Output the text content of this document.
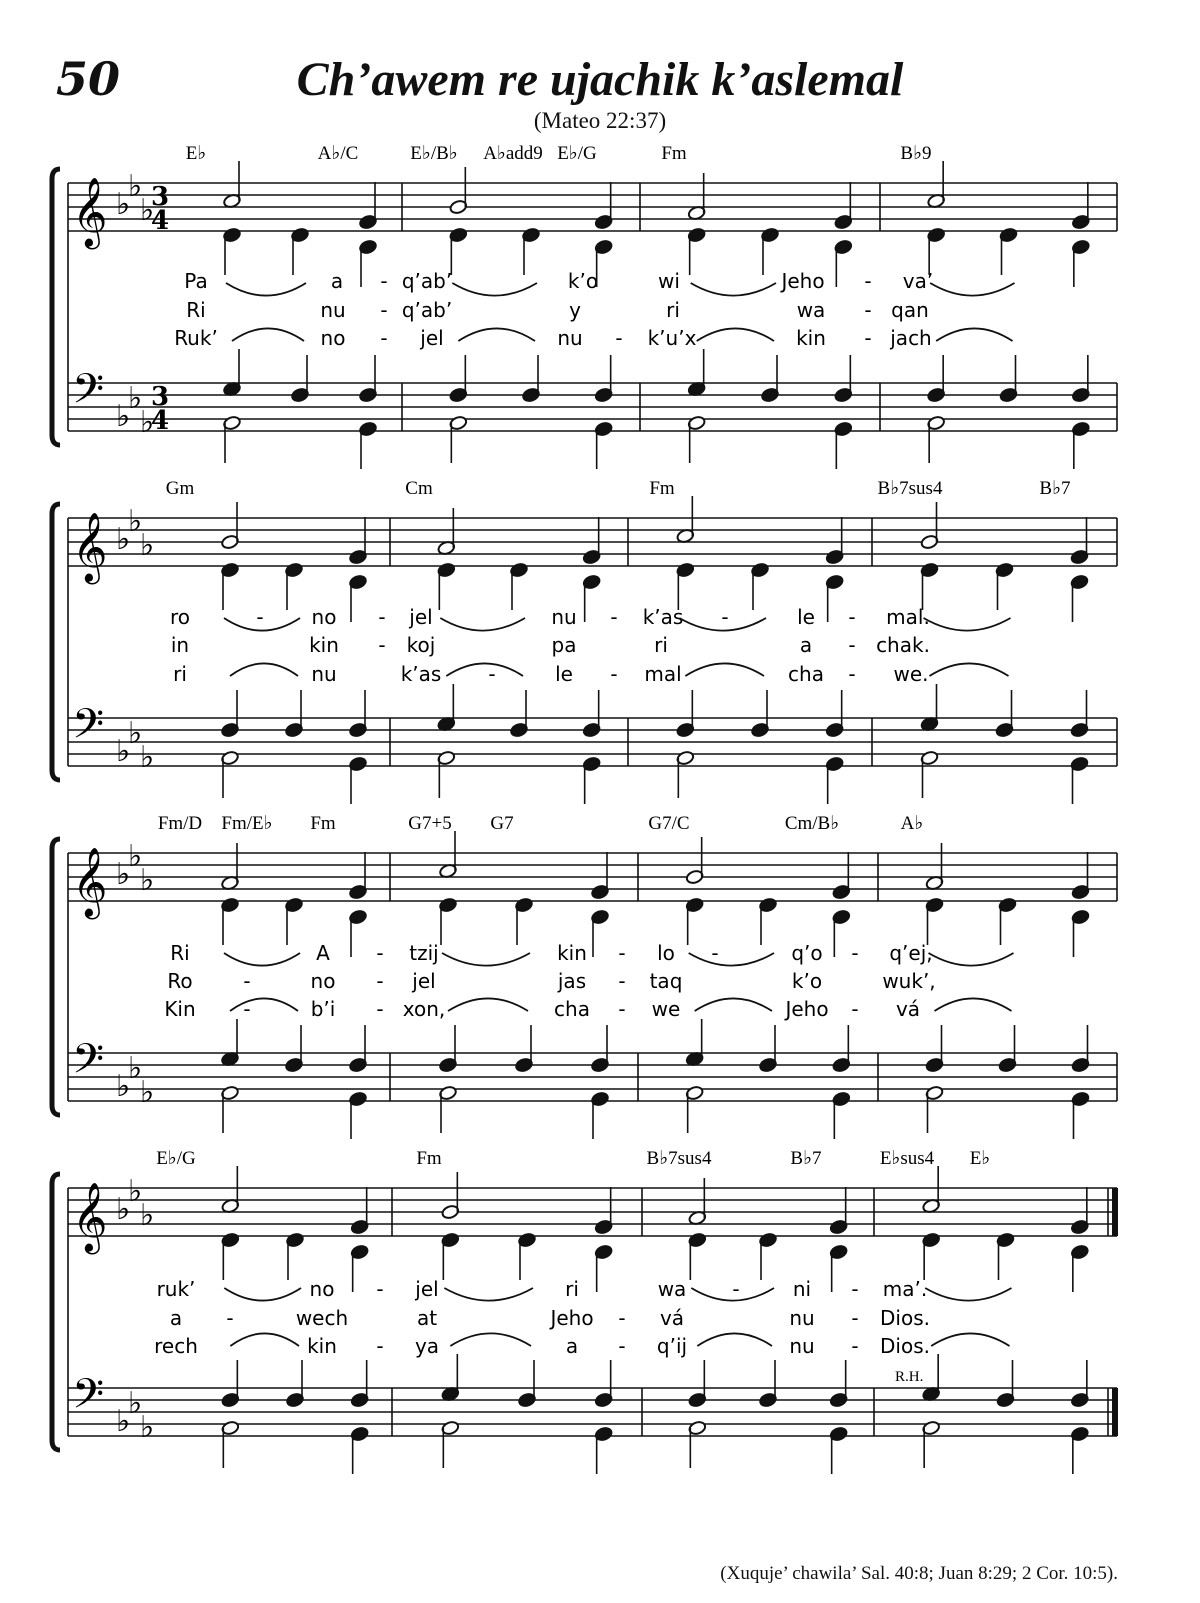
50	Ch’awem re ujachik k’aslemal
(Mateo 22:37)
𝄞
𝄢
♭
♭
♭
♭
♭
♭
3
4
3
4
E♭	A♭/C	E♭/B♭ A♭add9 E♭/G	Fm	B♭9
Pa	a - q’ab’	k’o	wi	Jeho - va’
Ri	nu - q’ab’	y	ri	wa - qan
Ruk’	no - jel	nu - k’u’x	kin - jach
𝄞
𝄢
♭
♭
♭
♭
♭
♭
Gm	Cm	Fm	B♭7sus4	B♭7
ro	- no - jel	nu - k’as -	le - mal.
in	kin - koj	pa	ri	a - chak.
ri	nu	k’as -	le - mal	cha - we.
𝄞
𝄢
♭
♭
♭
♭
♭
♭
Fm/D Fm/E♭ Fm	G7+5 G7	G7/C	Cm/B♭	A♭
Ri	A - tzij	kin - lo -	q’o - q’ej,
Ro	-	no - jel	jas - taq	k’o	wuk’,
Kin -	b’i - xon,	cha - we	Jeho - vá
𝄞
𝄢
♭
♭
♭
♭
♭
♭
E♭/G	Fm	B♭7sus4	B♭7	E♭sus4 E♭
ruk’	no - jel	ri	wa -	ni - ma’.
a -	wech	at	Jeho - vá	nu - Dios.
rech	kin - ya	a - q’ij	nu - Dios.
R.H.
(Xuquje’ chawila’ Sal. 40:8; Juan 8:29; 2 Cor. 10:5).
